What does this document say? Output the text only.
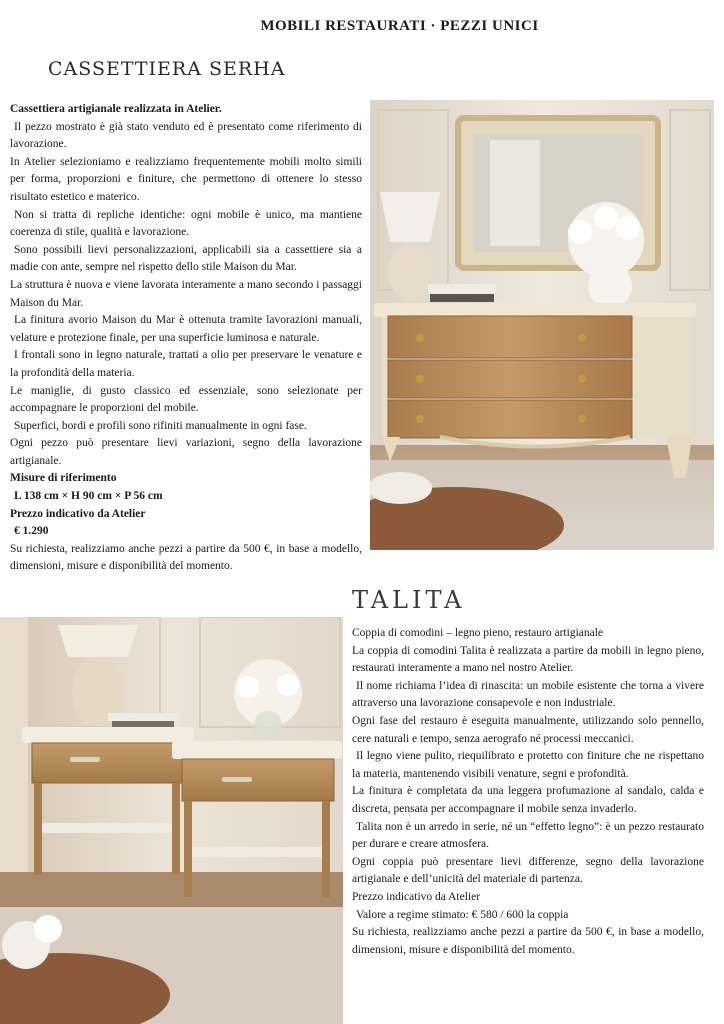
MOBILI RESTAURATI · PEZZI UNICI
CASSETTIERA SERHA

Cassettiera artigianale realizzata in Atelier.

Il pezzo mostrato è già stato venduto ed è presentato come riferimento di lavorazione.

In Atelier selezioniamo e realizziamo frequentemente mobili molto simili per forma, proporzioni e finiture, che permettono di ottenere lo stesso risultato estetico e materico.

Non si tratta di repliche identiche: ogni mobile è unico, ma mantiene coerenza di stile, qualità e lavorazione.

Sono possibili lievi personalizzazioni, applicabili sia a cassettiere sia a madie con ante, sempre nel rispetto dello stile Maison du Mar.

La struttura è nuova e viene lavorata interamente a mano secondo i passaggi Maison du Mar.

La finitura avorio Maison du Mar è ottenuta tramite lavorazioni manuali, velature e protezione finale, per una superficie luminosa e naturale.

I frontali sono in legno naturale, trattati a olio per preservare le venature e la profondità della materia.

Le maniglie, di gusto classico ed essenziale, sono selezionate per accompagnare le proporzioni del mobile.

Superfici, bordi e profili sono rifiniti manualmente in ogni fase.

Ogni pezzo può presentare lievi variazioni, segno della lavorazione artigianale.

Misure di riferimento

L 138 cm × H 90 cm × P 56 cm

Prezzo indicativo da Atelier

€ 1.290

Su richiesta, realizziamo anche pezzi a partire da 500 €, in base a modello, dimensioni, misure e disponibilità del momento.

TALITA

Coppia di comodini – legno pieno, restauro artigianale

La coppia di comodini Talita è realizzata a partire da mobili in legno pieno, restaurati interamente a mano nel nostro Atelier.

Il nome richiama l’idea di rinascita: un mobile esistente che torna a vivere attraverso una lavorazione consapevole e non industriale.

Ogni fase del restauro è eseguita manualmente, utilizzando solo pennello, cere naturali e tempo, senza aerografo né processi meccanici.

Il legno viene pulito, riequilibrato e protetto con finiture che ne rispettano la materia, mantenendo visibili venature, segni e profondità.

La finitura è completata da una leggera profumazione al sandalo, calda e discreta, pensata per accompagnare il mobile senza invaderlo.

Talita non è un arredo in serie, né un “effetto legno”: è un pezzo restaurato per durare e creare atmosfera.

Ogni coppia può presentare lievi differenze, segno della lavorazione artigianale e dell’unicità del materiale di partenza.

Prezzo indicativo da Atelier

Valore a regime stimato: € 580 / 600 la coppia

Su richiesta, realizziamo anche pezzi a partire da 500 €, in base a modello, dimensioni, misure e disponibilità del momento.
